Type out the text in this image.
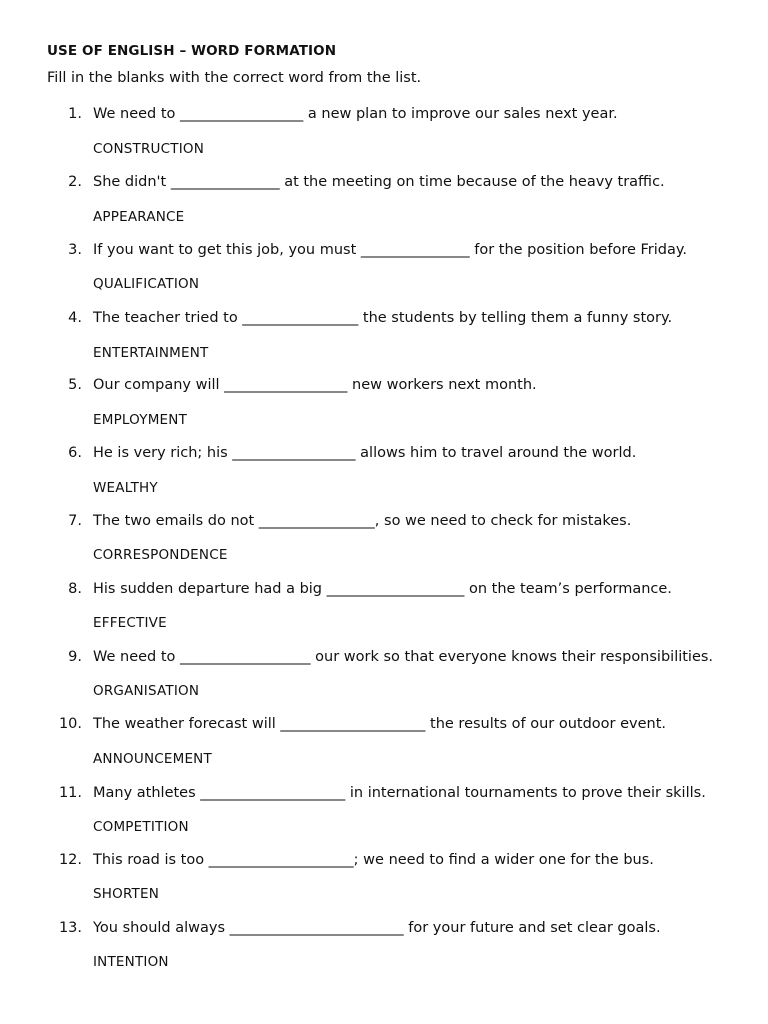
USE OF ENGLISH – WORD FORMATION
Fill in the blanks with the correct word from the list.
1. We need to _________________ a new plan to improve our sales next year.
CONSTRUCTION
2. She didn't _______________ at the meeting on time because of the heavy traffic.
APPEARANCE
3. If you want to get this job, you must _______________ for the position before Friday.
QUALIFICATION
4. The teacher tried to ________________ the students by telling them a funny story.
ENTERTAINMENT
5. Our company will _________________ new workers next month.
EMPLOYMENT
6. He is very rich; his _________________ allows him to travel around the world.
WEALTHY
7. The two emails do not ________________, so we need to check for mistakes.
CORRESPONDENCE
8. His sudden departure had a big ___________________ on the team’s performance.
EFFECTIVE
9. We need to __________________ our work so that everyone knows their responsibilities.
ORGANISATION
10. The weather forecast will ____________________ the results of our outdoor event.
ANNOUNCEMENT
11. Many athletes ____________________ in international tournaments to prove their skills.
COMPETITION
12. This road is too ____________________; we need to find a wider one for the bus.
SHORTEN
13. You should always ________________________ for your future and set clear goals.
INTENTION
